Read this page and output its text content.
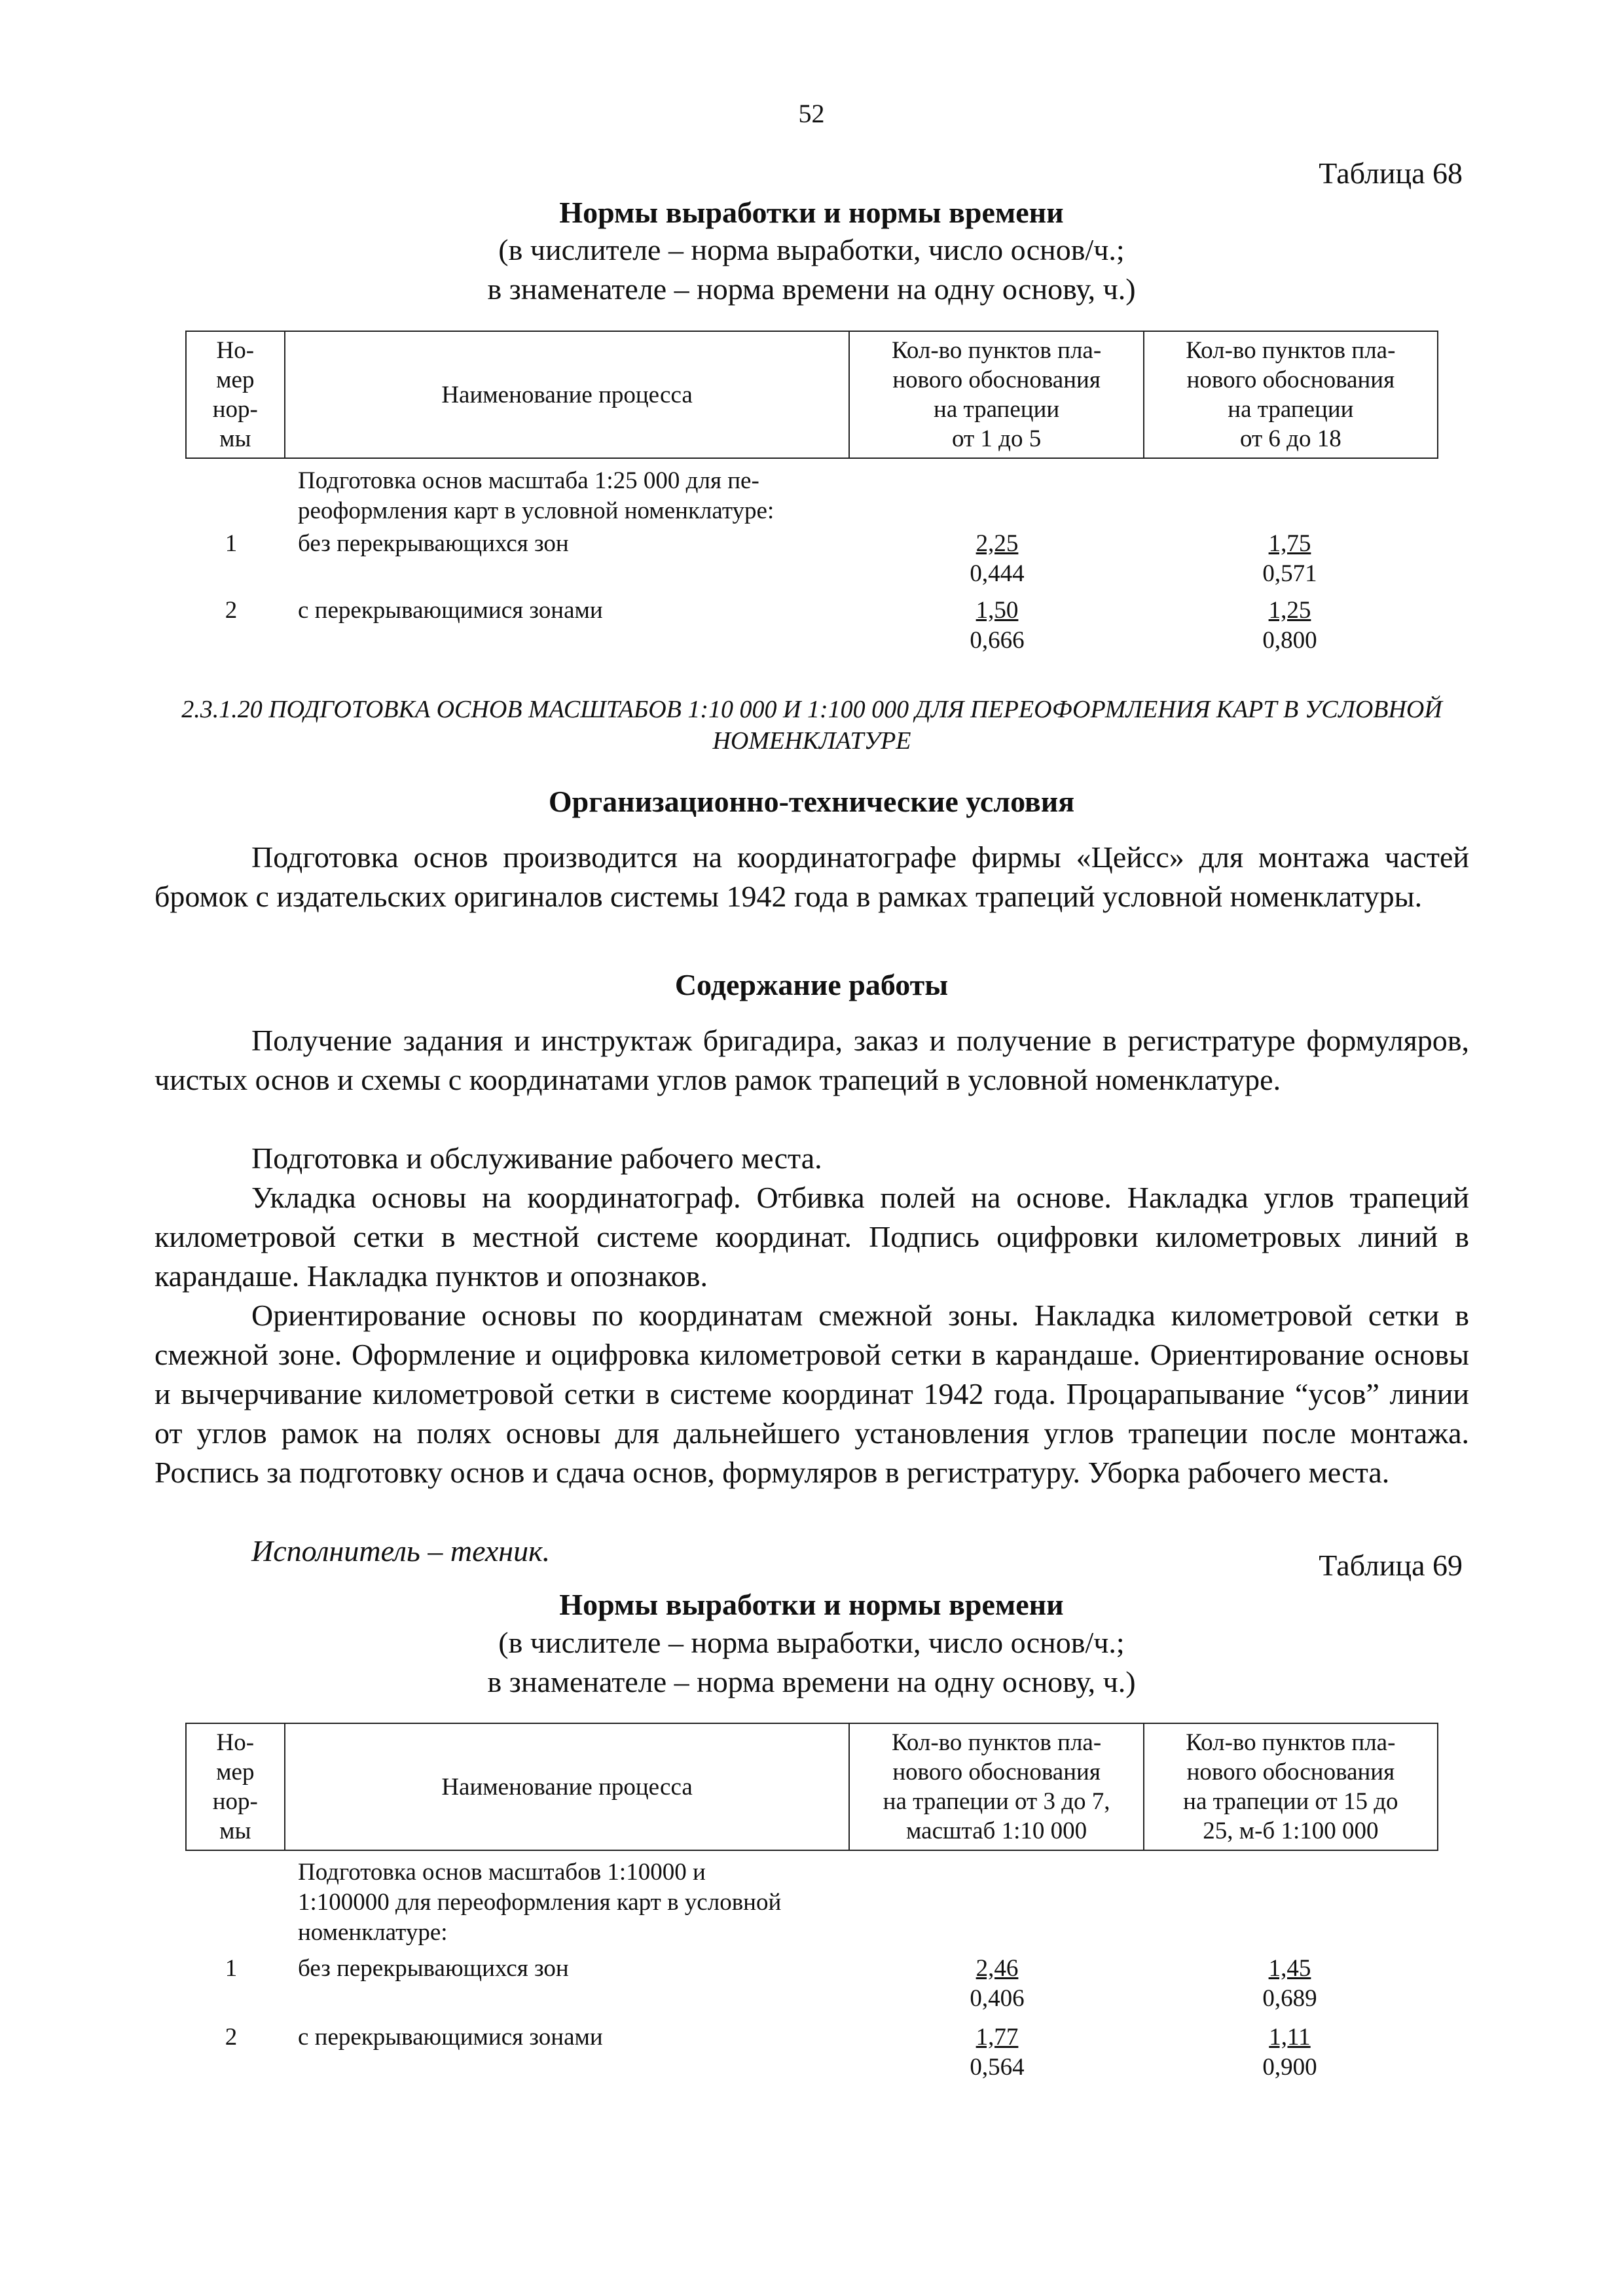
52
Таблица 68
Нормы выработки и нормы времени
(в числителе – норма выработки, число основ/ч.;
в знаменателе – норма времени на одну основу, ч.)
Но-
мер
нор-
мы	Наименование процесса	Кол-во пунктов пла-
нового обоснования
на трапеции
от 1 до 5	Кол-во пунктов пла-
нового обоснования
на трапеции
от 6 до 18
Подготовка основ масштаба 1:25 000 для пе-
реоформления карт в условной номенклатуре:
1	без перекрывающихся зон	$\frac{2,25}{0,444}$	$\frac{1,75}{0,571}$
2	с перекрывающимися зонами	$\frac{1,50}{0,666}$	$\frac{1,25}{0,800}$
2.3.1.20 ПОДГОТОВКА ОСНОВ МАСШТАБОВ 1:10 000 И 1:100 000 ДЛЯ ПЕРЕОФОРМЛЕНИЯ КАРТ В УСЛОВНОЙ НОМЕНКЛАТУРЕ
Организационно-технические условия
Подготовка основ производится на координатографе фирмы «Цейсс» для монтажа частей бромок с издательских оригиналов системы 1942 года в рамках трапеций условной номенклатуры.
Содержание работы
Получение задания и инструктаж бригадира, заказ и получение в регистратуре формуляров, чистых основ и схемы с координатами углов рамок трапеций в условной номенклатуре.
Подготовка и обслуживание рабочего места.
Укладка основы на координатограф. Отбивка полей на основе. Накладка углов трапеций километровой сетки в местной системе координат. Подпись оцифровки километровых линий в карандаше. Накладка пунктов и опознаков.
Ориентирование основы по координатам смежной зоны. Накладка километровой сетки в смежной зоне. Оформление и оцифровка километровой сетки в карандаше. Ориентирование основы и вычерчивание километровой сетки в системе координат 1942 года. Процарапывание “усов” линии от углов рамок на полях основы для дальнейшего установления углов трапеции после монтажа. Роспись за подготовку основ и сдача основ, формуляров в регистратуру. Уборка рабочего места.
Исполнитель – техник.	Таблица 69
Нормы выработки и нормы времени
(в числителе – норма выработки, число основ/ч.;
в знаменателе – норма времени на одну основу, ч.)
Но-
мер
нор-
мы	Наименование процесса	Кол-во пунктов пла-
нового обоснования
на трапеции от 3 до 7,
масштаб 1:10 000	Кол-во пунктов пла-
нового обоснования
на трапеции от 15 до
25, м-б 1:100 000
Подготовка основ масштабов 1:10000 и
1:100000 для переоформления карт в условной
номенклатуре:
1	без перекрывающихся зон	$\frac{2,46}{0,406}$	$\frac{1,45}{0,689}$
2	с перекрывающимися зонами	$\frac{1,77}{0,564}$	$\frac{1,11}{0,900}$
